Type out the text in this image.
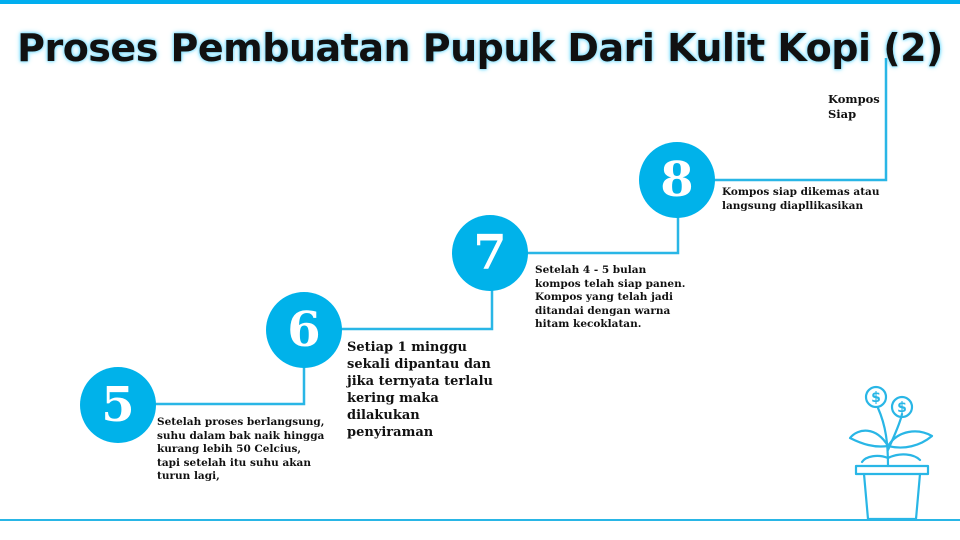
Proses Pembuatan Pupuk Dari Kulit Kopi (2)
5 Setelah proses berlangsung, suhu dalam bak naik hingga kurang lebih 50 Celcius, tapi setelah itu suhu akan turun lagi,
6 Setiap 1 minggu sekali dipantau dan jika ternyata terlalu kering maka dilakukan penyiraman
7	Setelah 4 - 5 bulan kompos telah siap panen. Kompos yang telah jadi ditandai dengan warna hitam kecoklatan.
8	Kompos siap dikemas atau langsung diapllikasikan
Kompos Siap
$
$
